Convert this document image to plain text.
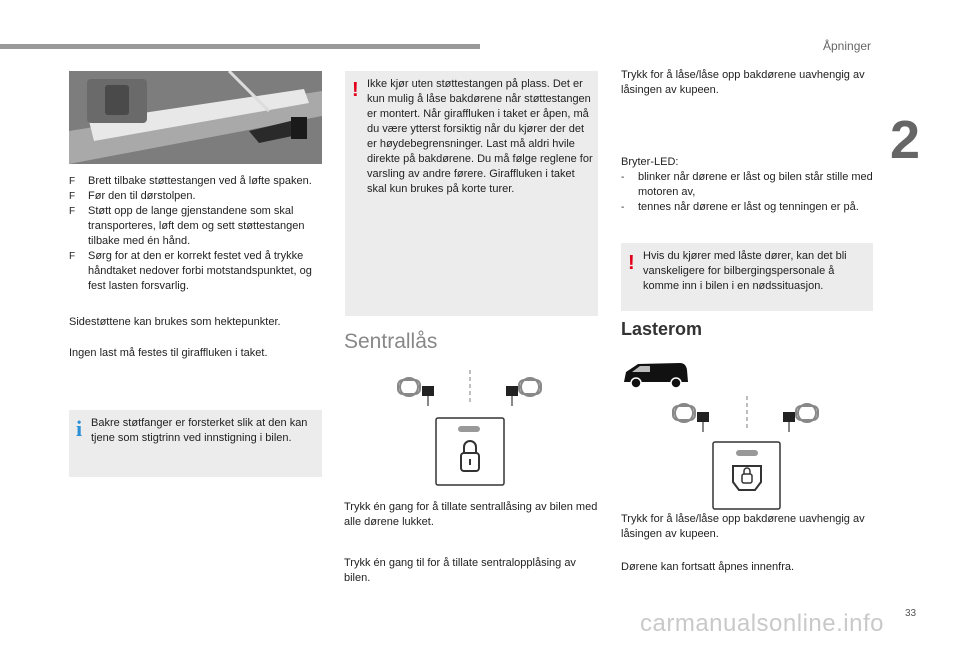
Åpninger
2
F Brett tilbake støttestangen ved å løfte spaken.
F Før den til dørstolpen.
F Støtt opp de lange gjenstandene som skal transporteres, løft dem og sett støttestangen tilbake med én hånd.
F Sørg for at den er korrekt festet ved å trykke håndtaket nedover forbi motstandspunktet, og fest lasten forsvarlig.
Sidestøttene kan brukes som hektepunkter.
Ingen last må festes til giraffluken i taket.
i Bakre støtfanger er forsterket slik at den kan tjene som stigtrinn ved innstigning i bilen.
! Ikke kjør uten støttestangen på plass. Det er kun mulig å låse bakdørene når støttestangen er montert. Når giraffluken i taket er åpen, må du være ytterst forsiktig når du kjører der det er høydebegrensninger. Last må aldri hvile direkte på bakdørene. Du må følge reglene for varsling av andre førere. Giraffluken i taket skal kun brukes på korte turer.
Sentrallås
Trykk én gang for å tillate sentrallåsing av bilen med alle dørene lukket.
Trykk én gang til for å tillate sentralopplåsing av bilen.
Trykk for å låse/låse opp bakdørene uavhengig av låsingen av kupeen.
Bryter-LED:
- blinker når dørene er låst og bilen står stille med motoren av,
- tennes når dørene er låst og tenningen er på.
! Hvis du kjører med låste dører, kan det bli vanskeligere for bilbergingspersonale å komme inn i bilen i en nødssituasjon.
Lasterom
Trykk for å låse/låse opp bakdørene uavhengig av låsingen av kupeen.
Dørene kan fortsatt åpnes innenfra.
33
carmanualsonline.info
